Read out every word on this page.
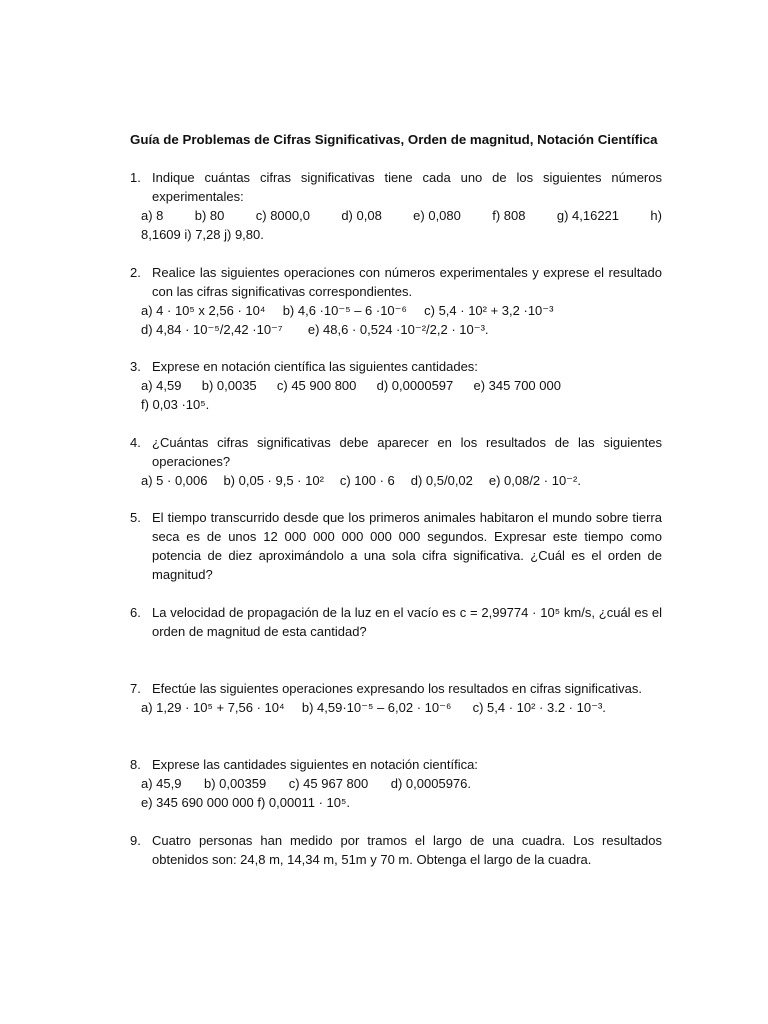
Guía de Problemas de Cifras Significativas, Orden de magnitud, Notación Científica
1. Indique cuántas cifras significativas tiene cada uno de los siguientes números experimentales:
a) 8 b) 80 c) 8000,0 d) 0,08 e) 0,080 f) 808 g) 4,16221 h)
8,1609 i) 7,28 j) 9,80.
2. Realice las siguientes operaciones con números experimentales y exprese el resultado con las cifras significativas correspondientes.
a) 4 · 10⁵ x 2,56 · 10⁴ b) 4,6 ·10⁻⁵ – 6 ·10⁻⁶ c) 5,4 · 10² + 3,2 ·10⁻³
d) 4,84 · 10⁻⁵/2,42 ·10⁻⁷ e) 48,6 · 0,524 ·10⁻²/2,2 · 10⁻³.
3. Exprese en notación científica las siguientes cantidades:
a) 4,59 b) 0,0035 c) 45 900 800 d) 0,0000597 e) 345 700 000
f) 0,03 ·10⁵.
4. ¿Cuántas cifras significativas debe aparecer en los resultados de las siguientes operaciones?
a) 5 · 0,006 b) 0,05 · 9,5 · 10² c) 100 · 6 d) 0,5/0,02 e) 0,08/2 · 10⁻².
5. El tiempo transcurrido desde que los primeros animales habitaron el mundo sobre tierra seca es de unos 12 000 000 000 000 000 segundos. Expresar este tiempo como potencia de diez aproximándolo a una sola cifra significativa. ¿Cuál es el orden de magnitud?
6. La velocidad de propagación de la luz en el vacío es c = 2,99774 · 10⁵ km/s, ¿cuál es el orden de magnitud de esta cantidad?
7. Efectúe las siguientes operaciones expresando los resultados en cifras significativas.
a) 1,29 · 10⁵ + 7,56 · 10⁴ b) 4,59·10⁻⁵ – 6,02 · 10⁻⁶ c) 5,4 · 10² · 3.2 · 10⁻³.
8. Exprese las cantidades siguientes en notación científica:
a) 45,9 b) 0,00359 c) 45 967 800 d) 0,0005976.
e) 345 690 000 000 f) 0,00011 · 10⁵.
9. Cuatro personas han medido por tramos el largo de una cuadra. Los resultados obtenidos son: 24,8 m, 14,34 m, 51m y 70 m. Obtenga el largo de la cuadra.
